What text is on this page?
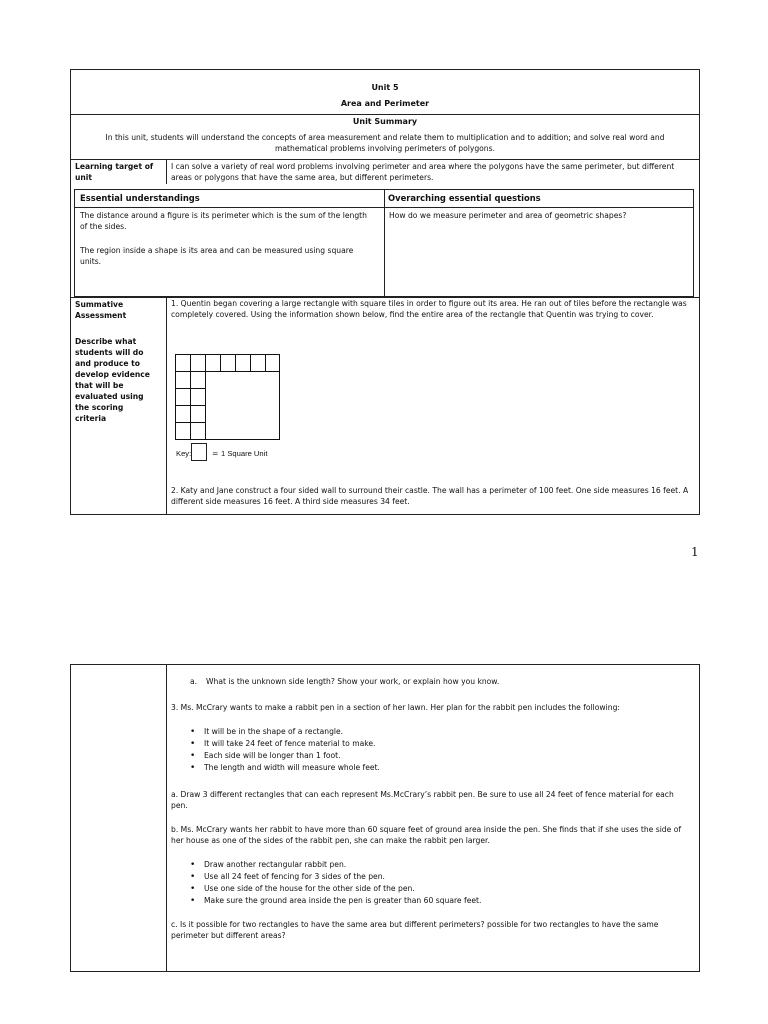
Unit 5
Area and Perimeter
Unit Summary
In this unit, students will understand the concepts of area measurement and relate them to multiplication and to addition; and solve real word and mathematical problems involving perimeters of polygons.
Learning target of unit
I can solve a variety of real word problems involving perimeter and area where the polygons have the same perimeter, but different areas or polygons that have the same area, but different perimeters.
Essential understandings	Overarching essential questions
The distance around a figure is its perimeter which is the sum of the length of the sides.
The region inside a shape is its area and can be measured using square units.
How do we measure perimeter and area of geometric shapes?
Summative Assessment
Describe what students will do and produce to develop evidence that will be evaluated using the scoring criteria
1. Quentin began covering a large rectangle with square tiles in order to figure out its area. He ran out of tiles before the rectangle was completely covered. Using the information shown below, find the entire area of the rectangle that Quentin was trying to cover.
Key:	= 1 Square Unit
2. Katy and Jane construct a four sided wall to surround their castle. The wall has a perimeter of 100 feet. One side measures 16 feet. A different side measures 16 feet. A third side measures 34 feet.
1
a. What is the unknown side length? Show your work, or explain how you know.
3. Ms. McCrary wants to make a rabbit pen in a section of her lawn. Her plan for the rabbit pen includes the following:
• It will be in the shape of a rectangle.
• It will take 24 feet of fence material to make.
• Each side will be longer than 1 foot.
• The length and width will measure whole feet.
a. Draw 3 different rectangles that can each represent Ms.McCrary’s rabbit pen. Be sure to use all 24 feet of fence material for each pen.
b. Ms. McCrary wants her rabbit to have more than 60 square feet of ground area inside the pen. She finds that if she uses the side of her house as one of the sides of the rabbit pen, she can make the rabbit pen larger.
• Draw another rectangular rabbit pen.
• Use all 24 feet of fencing for 3 sides of the pen.
• Use one side of the house for the other side of the pen.
• Make sure the ground area inside the pen is greater than 60 square feet.
c. Is it possible for two rectangles to have the same area but different perimeters? possible for two rectangles to have the same perimeter but different areas?
